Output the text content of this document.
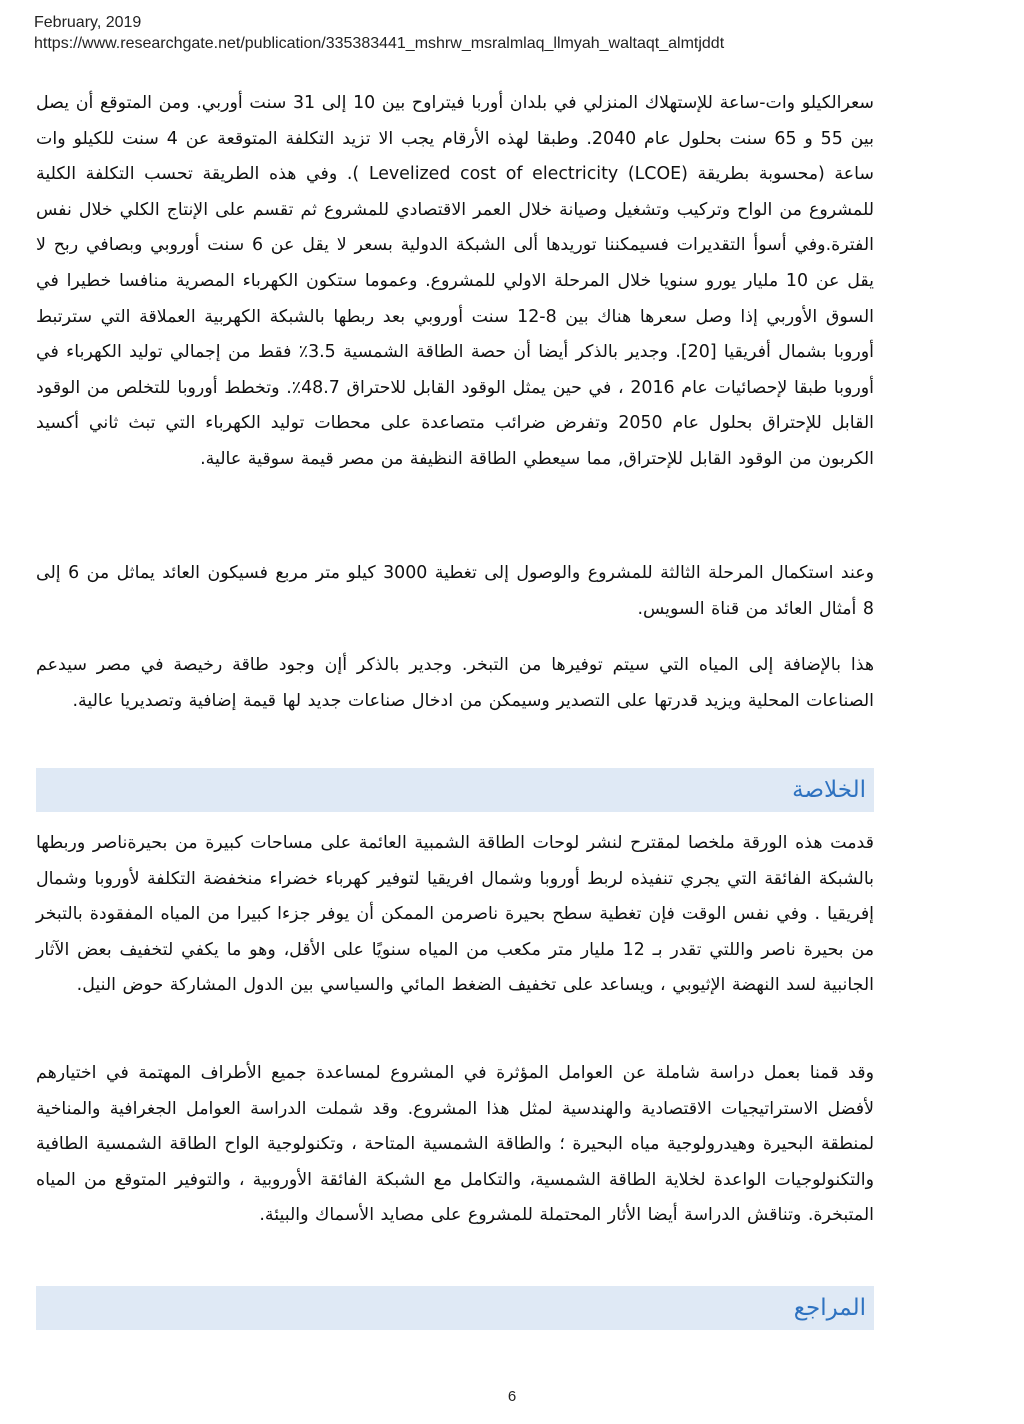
February, 2019
https://www.researchgate.net/publication/335383441_mshrw_msralmlaq_llmyah_waltaqt_almtjddt

سعرالكيلو وات-ساعة للإستهلاك المنزلي في بلدان أوربا فيتراوح بين 10 إلى 31 سنت أوربي. ومن المتوقع أن يصل بين 55 و 65 سنت بحلول عام 2040. وطبقا لهذه الأرقام يجب الا تزيد التكلفة المتوقعة عن 4 سنت للكيلو وات ساعة (محسوبة بطريقة Levelized cost of electricity (LCOE) ). وفي هذه الطريقة تحسب التكلفة الكلية للمشروع من الواح وتركيب وتشغيل وصيانة خلال العمر الاقتصادي للمشروع ثم تقسم على الإنتاج الكلي خلال نفس الفترة.وفي أسوأ التقديرات فسيمكننا توريدها ألى الشبكة الدولية بسعر لا يقل عن 6 سنت أوروبي وبصافي ربح لا يقل عن 10 مليار يورو سنويا خلال المرحلة الاولي للمشروع. وعموما ستكون الكهرباء المصرية منافسا خطيرا في السوق الأوربي إذا وصل سعرها هناك بين 8-12 سنت أوروبي بعد ربطها بالشبكة الكهربية العملاقة التي سترتبط أوروبا بشمال أفريقيا [20]. وجدير بالذكر أيضا أن حصة الطاقة الشمسية 3.5٪ فقط من إجمالي توليد الكهرباء في أوروبا طبقا لإحصائيات عام 2016 ، في حين يمثل الوقود القابل للاحتراق 48.7٪. وتخطط أوروبا للتخلص من الوقود القابل للإحتراق بحلول عام 2050 وتفرض ضرائب متصاعدة على محطات توليد الكهرباء التي تبث ثاني أكسيد الكربون من الوقود القابل للإحتراق, مما سيعطي الطاقة النظيفة من مصر قيمة سوقية عالية.

وعند استكمال المرحلة الثالثة للمشروع والوصول إلى تغطية 3000 كيلو متر مربع فسيكون العائد يماثل من 6 إلى 8 أمثال العائد من قناة السويس.

هذا بالإضافة إلى المياه التي سيتم توفيرها من التبخر. وجدير بالذكر أإن وجود طاقة رخيصة في مصر سيدعم الصناعات المحلية ويزيد قدرتها على التصدير وسيمكن من ادخال صناعات جديد لها قيمة إضافية وتصديريا عالية.

الخلاصة

قدمت هذه الورقة ملخصا لمقترح لنشر لوحات الطاقة الشمبية العائمة على مساحات كبيرة من بحيرةناصر وربطها بالشبكة الفائقة التي يجري تنفيذه لربط أوروبا وشمال افريقيا لتوفير كهرباء خضراء منخفضة التكلفة لأوروبا وشمال إفريقيا . وفي نفس الوقت فإن تغطية سطح بحيرة ناصرمن الممكن أن يوفر جزءا كبيرا من المياه المفقودة بالتبخر من بحيرة ناصر واللتي تقدر بـ 12 مليار متر مكعب من المياه سنويًا على الأقل، وهو ما يكفي لتخفيف بعض الآثار الجانبية لسد النهضة الإثيوبي ، ويساعد على تخفيف الضغط المائي والسياسي بين الدول المشاركة حوض النيل.

وقد قمنا بعمل دراسة شاملة عن العوامل المؤثرة في المشروع لمساعدة جميع الأطراف المهتمة في اختيارهم لأفضل الاستراتيجيات الاقتصادية والهندسية لمثل هذا المشروع. وقد شملت الدراسة العوامل الجغرافية والمناخية لمنطقة البحيرة وهيدرولوجية مياه البحيرة ؛ والطاقة الشمسية المتاحة ، وتكنولوجية الواح الطاقة الشمسية الطافية والتكنولوجيات الواعدة لخلاية الطاقة الشمسية، والتكامل مع الشبكة الفائقة الأوروبية ، والتوفير المتوقع من المياه المتبخرة. وتناقش الدراسة أيضا الأثار المحتملة للمشروع على مصايد الأسماك والبيئة.

المراجع
6
